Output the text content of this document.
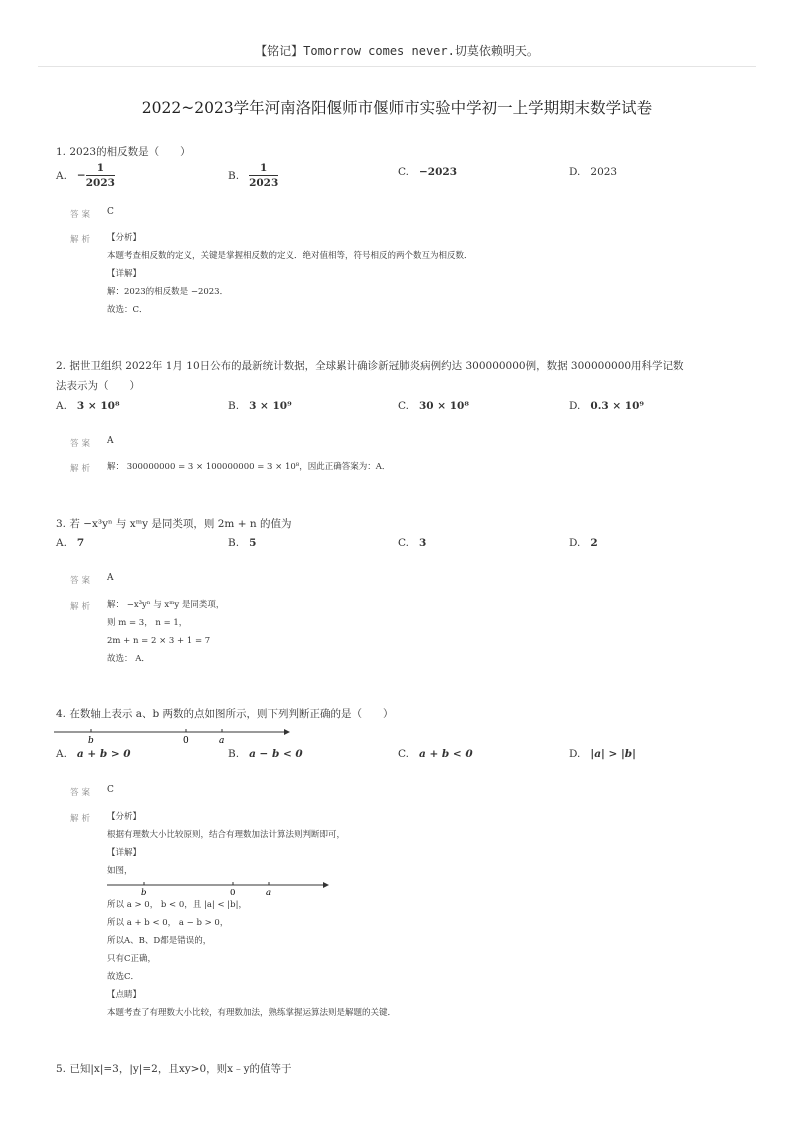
【铭记】Tomorrow comes never.切莫依赖明天。
2022~2023学年河南洛阳偃师市偃师市实验中学初一上学期期末数学试卷
1. 2023的相反数是（　　）
A. − $\frac{1}{2023}$	B. $\frac{1}{2023}$	C. −2023	D. 2023
答案 C
解析 【分析】
本题考查相反数的定义，关键是掌握相反数的定义．绝对值相等，符号相反的两个数互为相反数．
【详解】
解：2023的相反数是 −2023．
故选：C．
2. 据世卫组织 2022年 1月 10日公布的最新统计数据，全球累计确诊新冠肺炎病例约达 300000000例，数据 300000000用科学记数
法表示为（　　）
A. 3 × 10⁸	B. 3 × 10⁹	C. 30 × 10⁸	D. 0.3 × 10⁹
答案 A
解析 解： 300000000 = 3 × 100000000 = 3 × 10⁸，因此正确答案为：A．
3. 若 −x³yⁿ 与 xᵐy 是同类项，则 2m + n 的值为
A. 7	B. 5	C. 3	D. 2
答案 A
解析 解： −x³yⁿ 与 xᵐy 是同类项，
则 m = 3， n = 1，
2m + n = 2 × 3 + 1 = 7
故选： A．
4. 在数轴上表示 a、b 两数的点如图所示，则下列判断正确的是（　　）
b	0	a
A. a + b > 0	B. a − b < 0	C. a + b < 0	D. |a| > |b|
答案 C
解析 【分析】
根据有理数大小比较原则，结合有理数加法计算法则判断即可，
【详解】
如图，
b	0	a
所以 a > 0， b < 0，且 |a| < |b|，
所以 a + b < 0， a − b > 0，
所以A、B、D都是错误的，
只有C正确，
故选C．
【点睛】
本题考查了有理数大小比较，有理数加法，熟练掌握运算法则是解题的关键．
5. 已知|x|=3，|y|=2，且xy>0，则x﹣y的值等于
